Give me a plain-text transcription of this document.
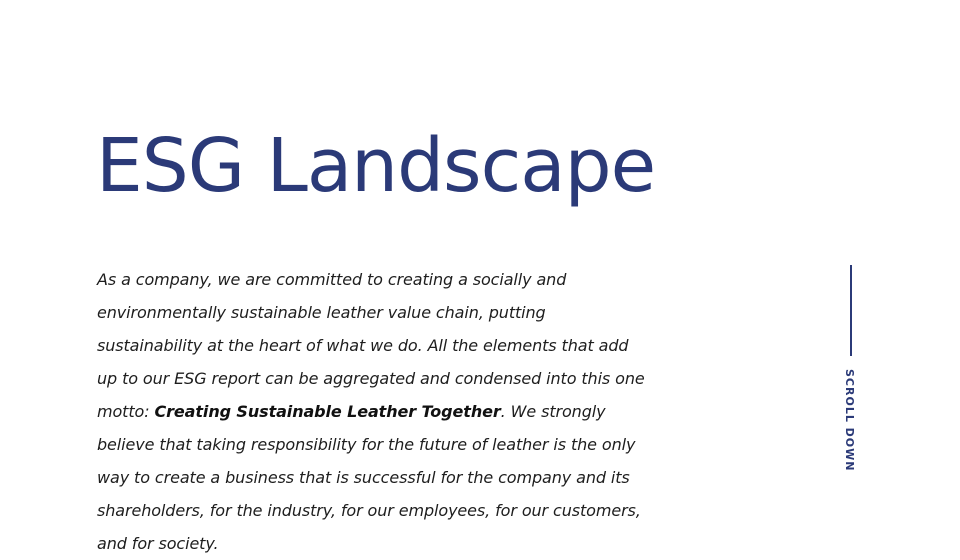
ESG Landscape

As a company, we are committed to creating a socially and environmentally sustainable leather value chain, putting sustainability at the heart of what we do. All the elements that add up to our ESG report can be aggregated and condensed into this one motto: Creating Sustainable Leather Together. We strongly believe that taking responsibility for the future of leather is the only way to create a business that is successful for the company and its shareholders, for the industry, for our employees, for our customers, and for society.

SCROLL DOWN
